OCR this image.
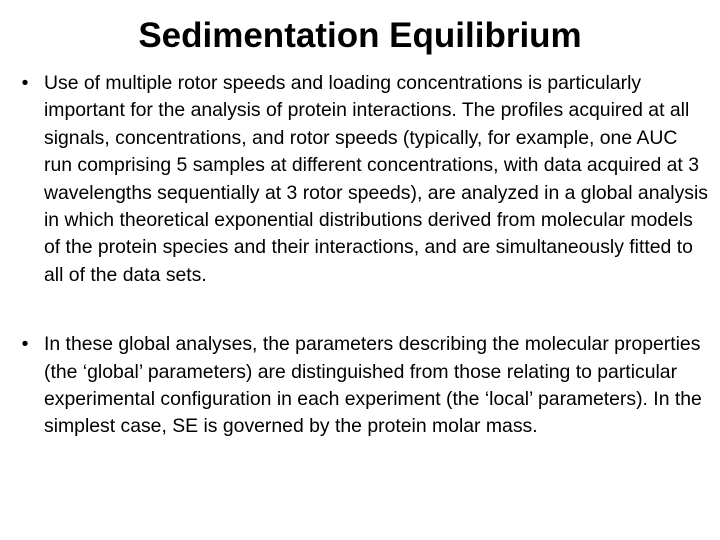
Sedimentation Equilibrium
• Use of multiple rotor speeds and loading concentrations is particularly important for the analysis of protein interactions. The profiles acquired at all signals, concentrations, and rotor speeds (typically, for example, one AUC run comprising 5 samples at different concentrations, with data acquired at 3 wavelengths sequentially at 3 rotor speeds), are analyzed in a global analysis in which theoretical exponential distributions derived from molecular models of the protein species and their interactions, and are simultaneously fitted to all of the data sets.
• In these global analyses, the parameters describing the molecular properties (the ‘global’ parameters) are distinguished from those relating to particular experimental configuration in each experiment (the ‘local’ parameters). In the simplest case, SE is governed by the protein molar mass.
